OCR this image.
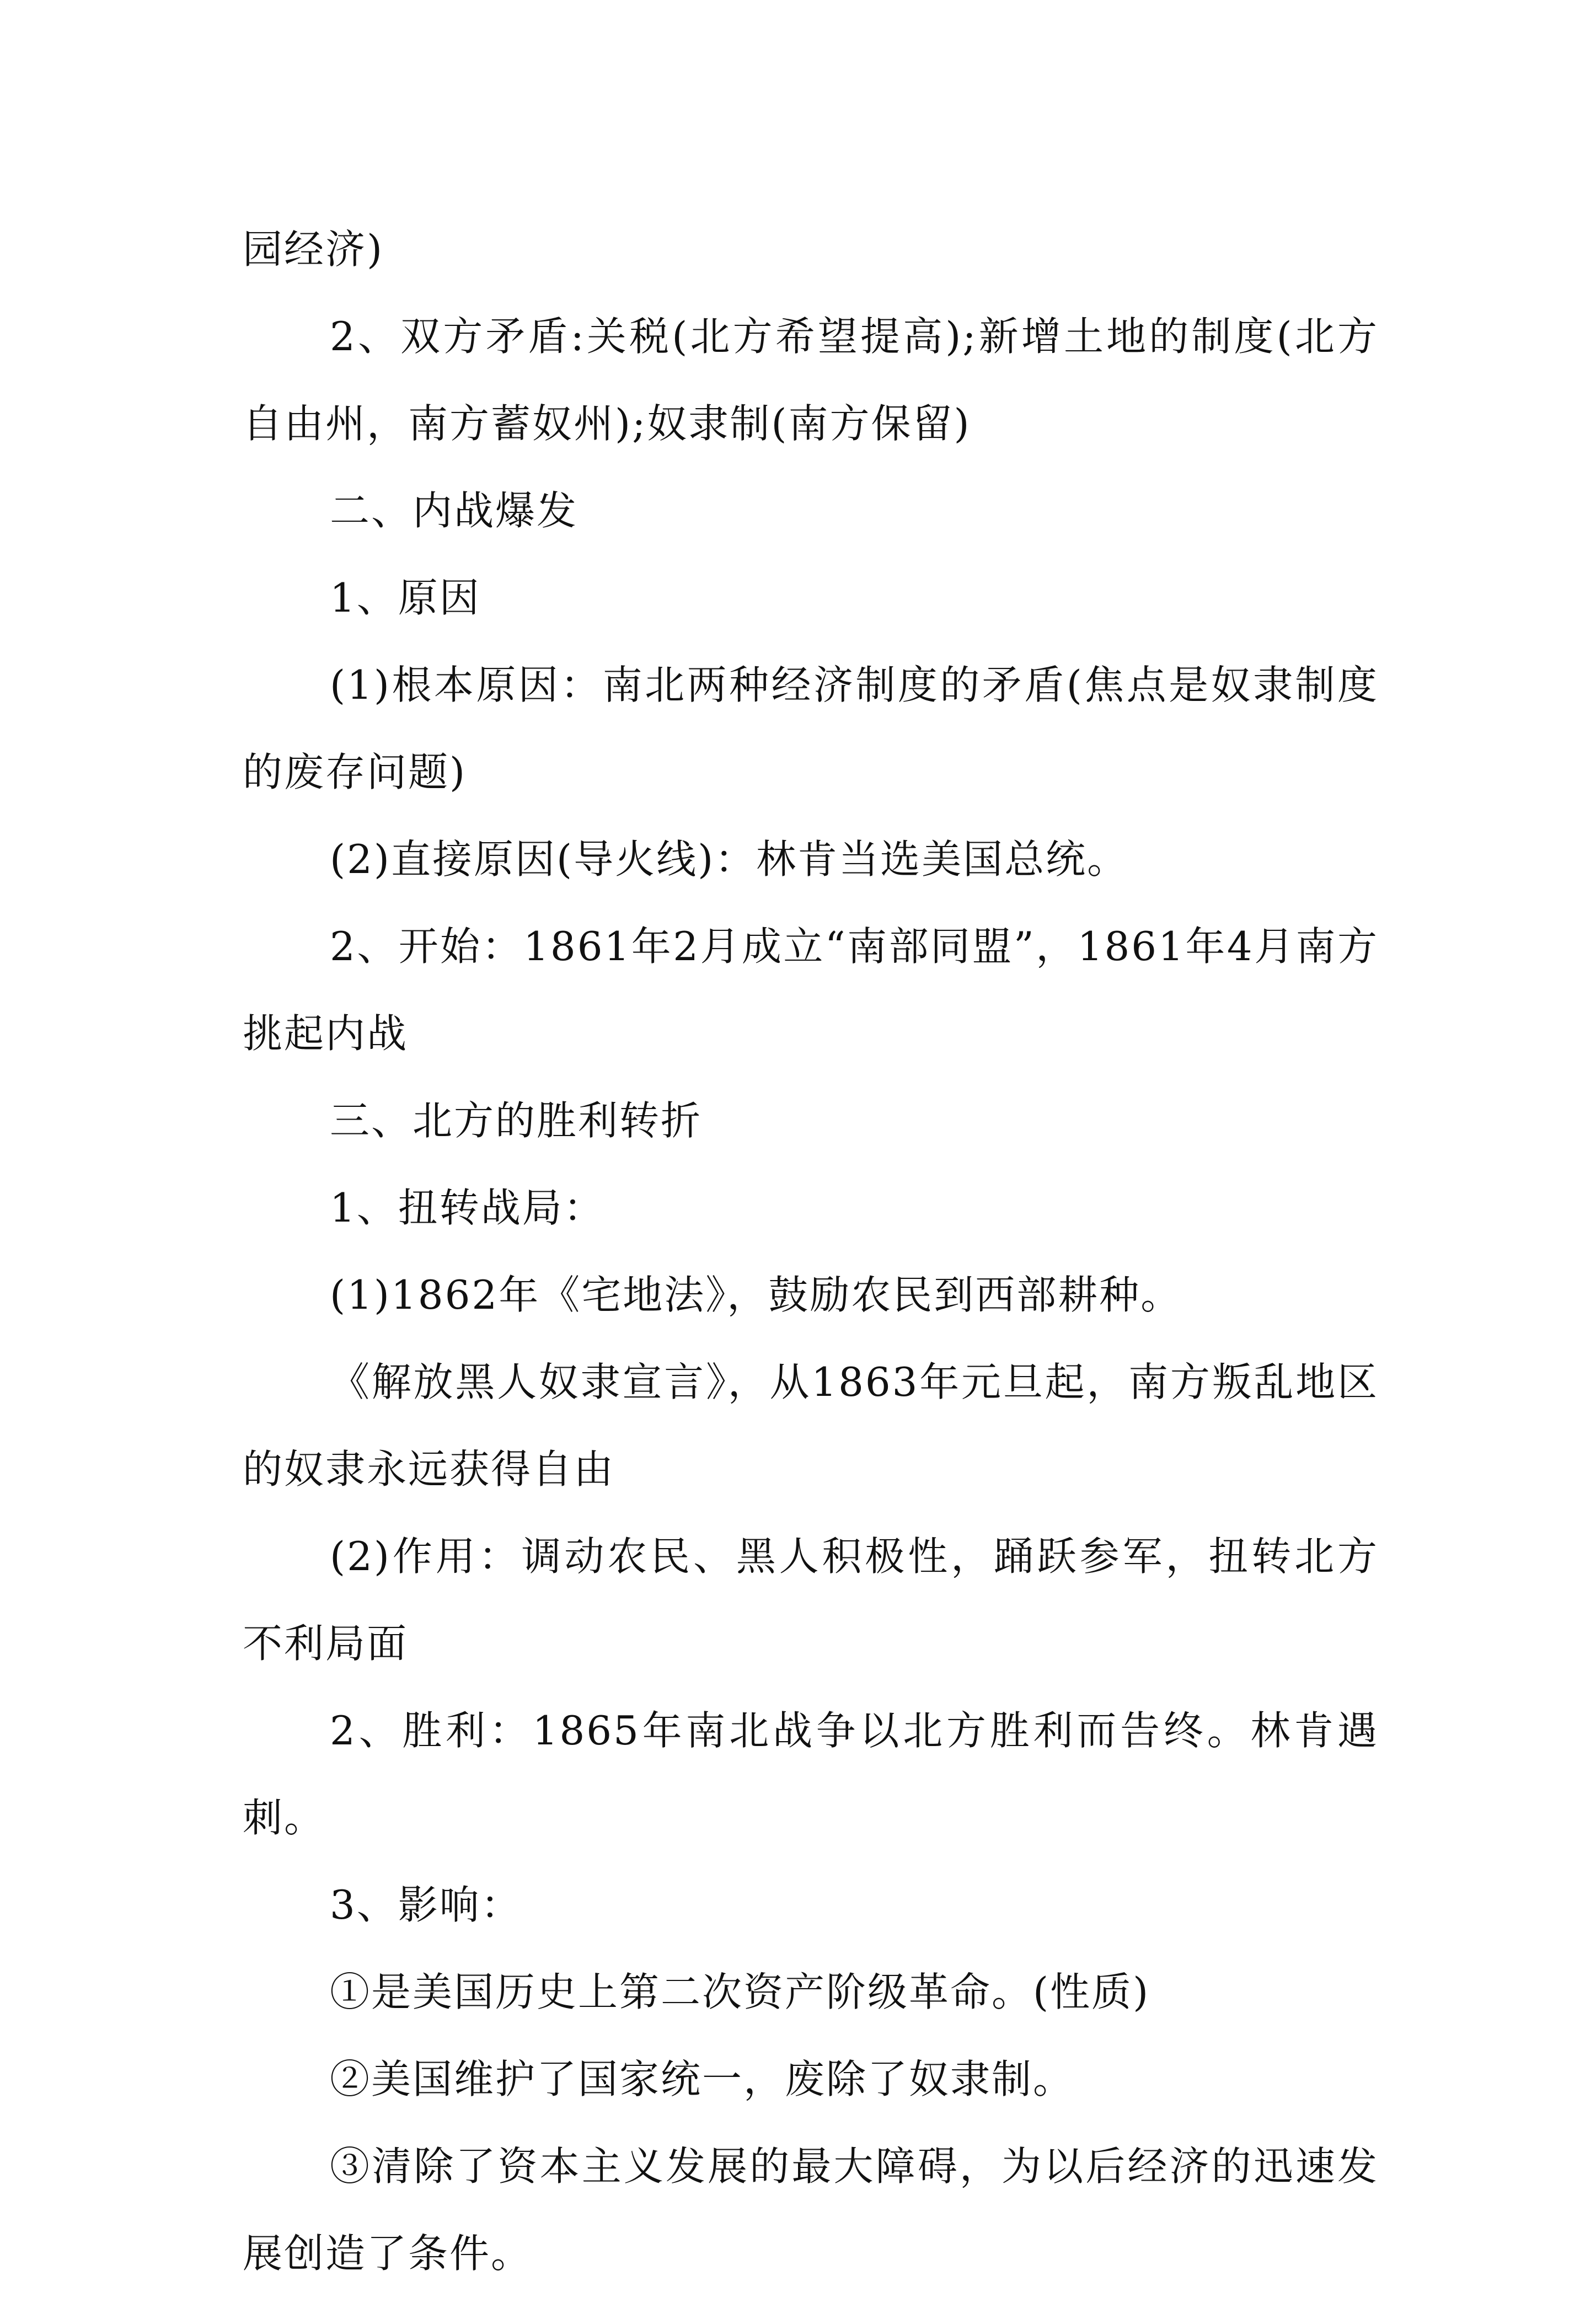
园经济)

2、双方矛盾:关税(北方希望提高);新增土地的制度(北方自由州，南方蓄奴州);奴隶制(南方保留)

二、内战爆发

1、原因

(1)根本原因：南北两种经济制度的矛盾(焦点是奴隶制度的废存问题)

(2)直接原因(导火线)：林肯当选美国总统。

2、开始：1861年2月成立“南部同盟”，1861年4月南方挑起内战

三、北方的胜利转折

1、扭转战局：

(1)1862年《宅地法》，鼓励农民到西部耕种。

《解放黑人奴隶宣言》，从1863年元旦起，南方叛乱地区的奴隶永远获得自由

(2)作用：调动农民、黑人积极性，踊跃参军，扭转北方不利局面

2、胜利：1865年南北战争以北方胜利而告终。林肯遇刺。

3、影响：

①是美国历史上第二次资产阶级革命。(性质)

②美国维护了国家统一，废除了奴隶制。

③清除了资本主义发展的最大障碍，为以后经济的迅速发展创造了条件。
